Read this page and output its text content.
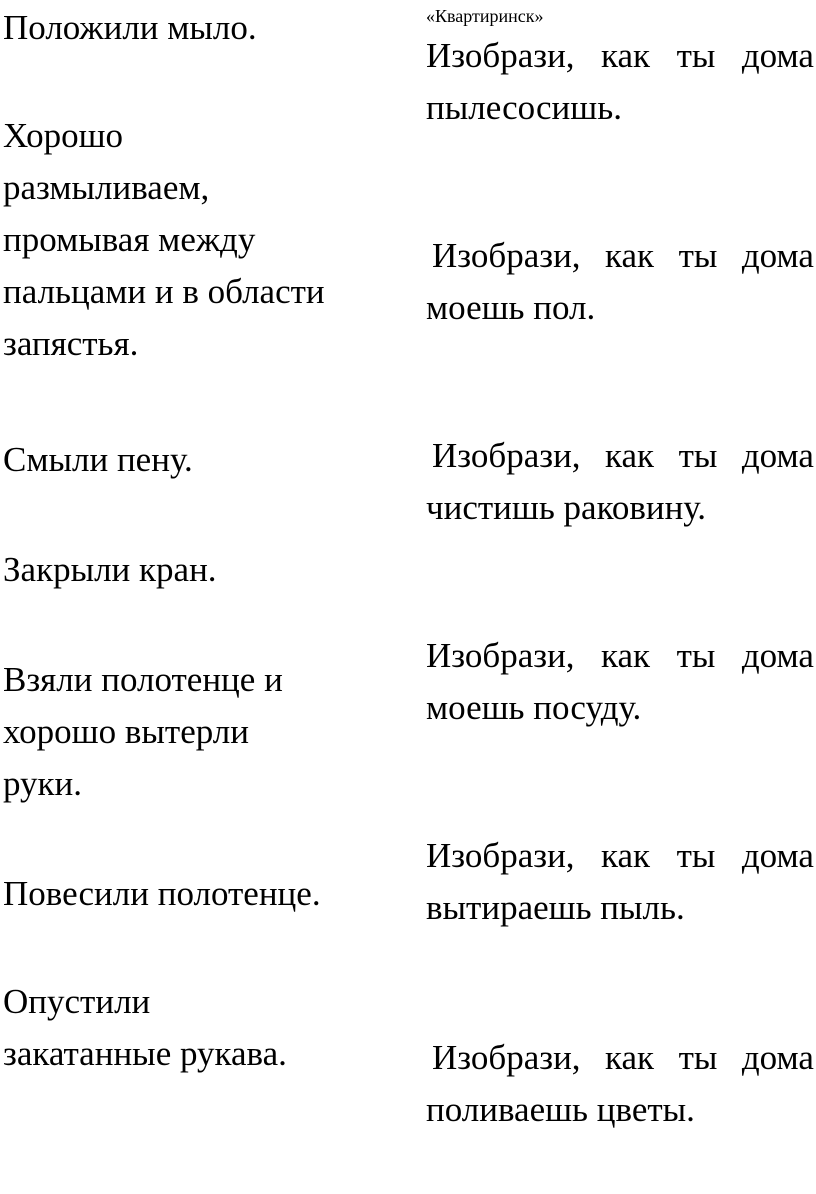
Положили мыло.
Хорошо
размыливаем,
промывая между
пальцами и в области
запястья.
Смыли пену.
Закрыли кран.
Взяли полотенце и
хорошо вытерли
руки.
Повесили полотенце.
Опустили
закатанные рукава.
«Квартиринск»
Изобрази, как ты дома
пылесосишь.
Изобрази, как ты дома
моешь пол.
Изобрази, как ты дома
чистишь раковину.
Изобрази, как ты дома
моешь посуду.
Изобрази, как ты дома
вытираешь пыль.
Изобрази, как ты дома
поливаешь цветы.
